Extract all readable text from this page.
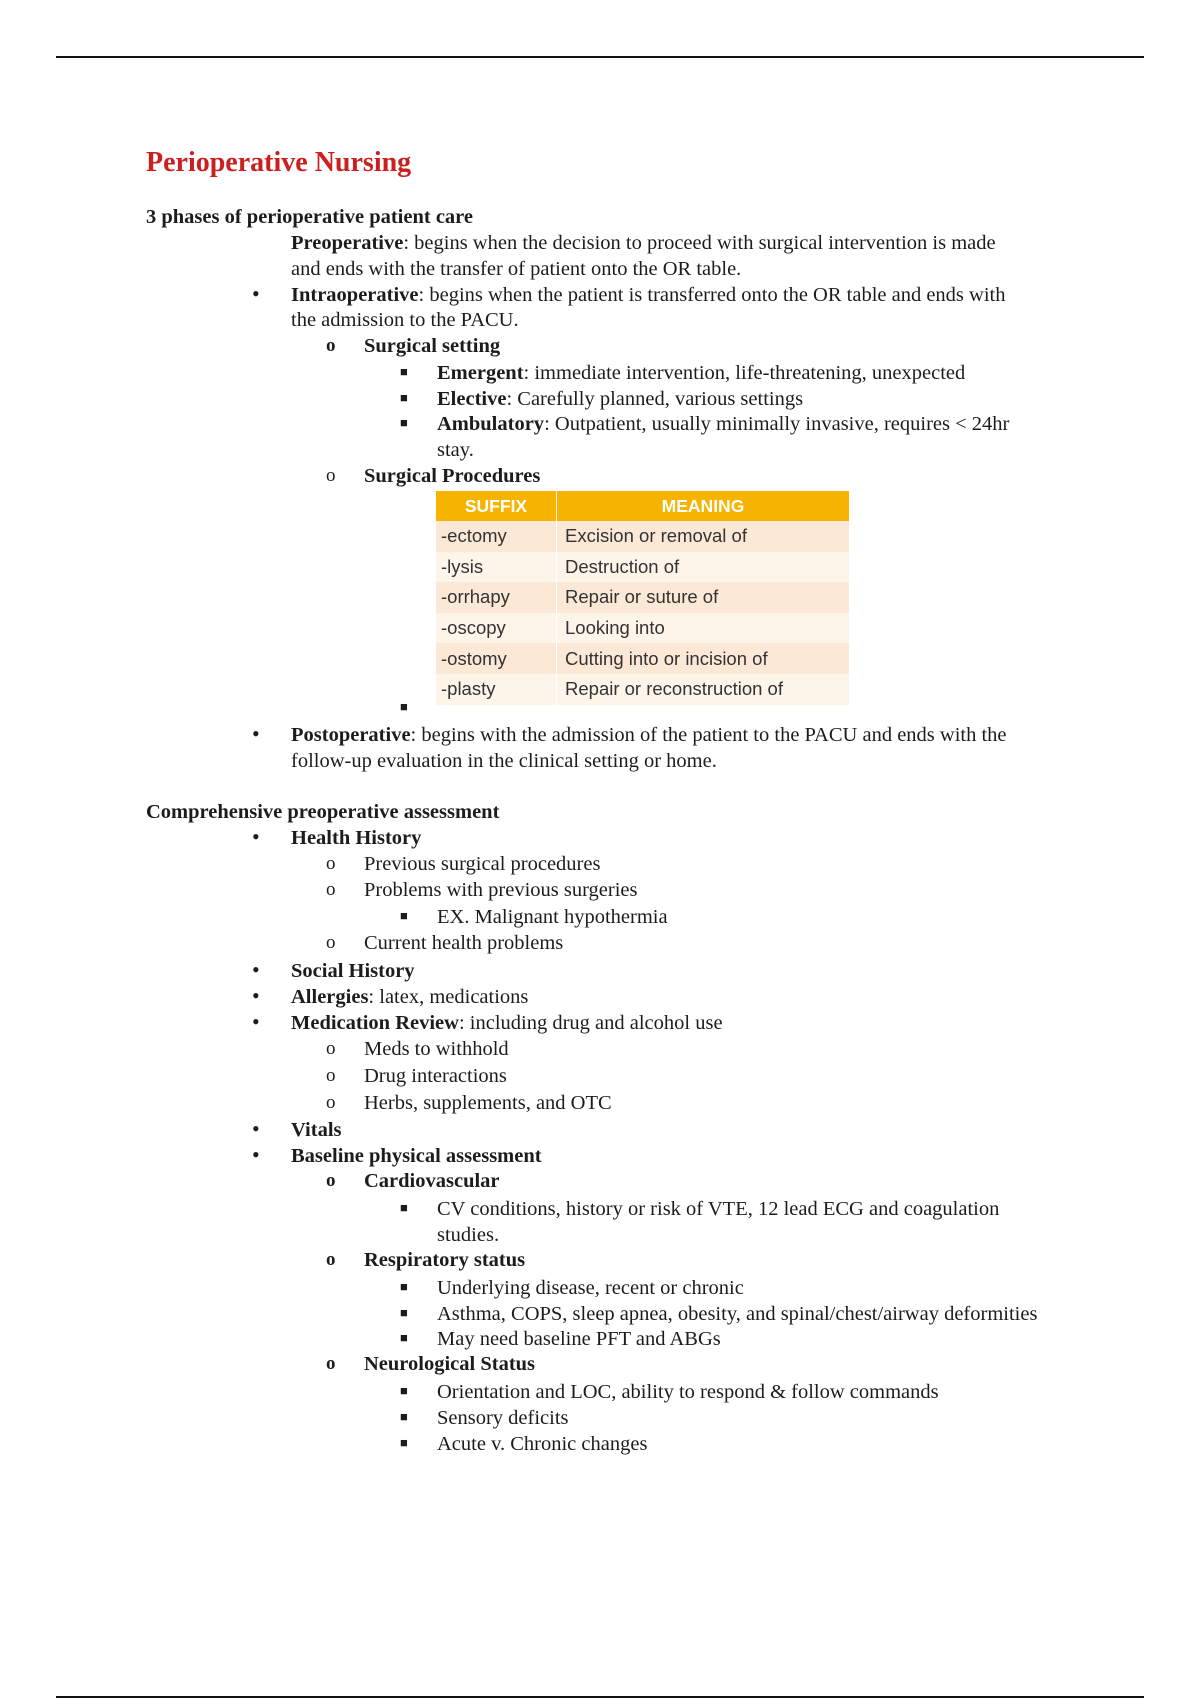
Perioperative Nursing
3 phases of perioperative patient care
Preoperative: begins when the decision to proceed with surgical intervention is made
and ends with the transfer of patient onto the OR table.
• Intraoperative: begins when the patient is transferred onto the OR table and ends with
the admission to the PACU.
o Surgical setting
■ Emergent: immediate intervention, life-threatening, unexpected
■ Elective: Carefully planned, various settings
■ Ambulatory: Outpatient, usually minimally invasive, requires < 24hr
stay.
o Surgical Procedures
SUFFIX	MEANING
-ectomy	Excision or removal of
-lysis	Destruction of
-orrhapy	Repair or suture of
-oscopy	Looking into
-ostomy	Cutting into or incision of
-plasty	Repair or reconstruction of
■
• Postoperative: begins with the admission of the patient to the PACU and ends with the
follow-up evaluation in the clinical setting or home.
Comprehensive preoperative assessment
• Health History
o Previous surgical procedures
o Problems with previous surgeries
■ EX. Malignant hypothermia
o Current health problems
• Social History
• Allergies: latex, medications
• Medication Review: including drug and alcohol use
o Meds to withhold
o Drug interactions
o Herbs, supplements, and OTC
• Vitals
• Baseline physical assessment
o Cardiovascular
■ CV conditions, history or risk of VTE, 12 lead ECG and coagulation
studies.
o Respiratory status
■ Underlying disease, recent or chronic
■ Asthma, COPS, sleep apnea, obesity, and spinal/chest/airway deformities
■ May need baseline PFT and ABGs
o Neurological Status
■ Orientation and LOC, ability to respond & follow commands
■ Sensory deficits
■ Acute v. Chronic changes
